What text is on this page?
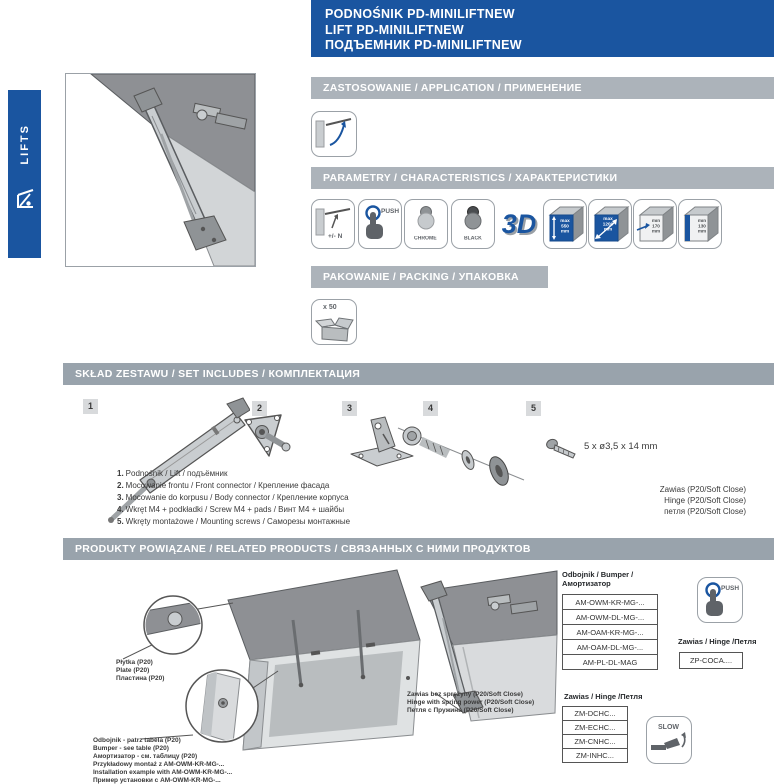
LIFTS
PODNOŚNIK PD-MINILIFTNEW
LIFT PD-MINILIFTNEW
ПОДЪЕМНИК PD-MINILIFTNEW
ZASTOSOWANIE / APPLICATION / ПРИМЕНЕНИЕ
PARAMETRY / CHARACTERISTICS / ХАРАКТЕРИСТИКИ
+/- N
PUSH
CHROME	BLACK 3D	max
550 mm
max
1200 mm
min
170 mm
min
130 mm
PAKOWANIE / PACKING / УПАКОВКА
x 50
SKŁAD ZESTAWU / SET INCLUDES / КОМПЛЕКТАЦИЯ
1	2	3	4	5
5 x ø3,5 x 14 mm
1. Podnośnik / Lift / подъёмник
2. Mocowanie frontu / Front connector / Крепление фасада
3. Mocowanie do korpusu / Body connector / Крепление корпуса
4. Wkręt M4 + podkładki / Screw M4 + pads / Винт M4 + шайбы
5. Wkręty montażowe / Mounting screws / Саморезы монтажные
Zawias (P20/Soft Close)
Hinge (P20/Soft Close)
петля (P20/Soft Close)
PRODUKTY POWIĄZANE / RELATED PRODUCTS / СВЯЗАННЫХ С НИМИ ПРОДУКТОВ
Płytka (P20)
Plate (P20)
Пластина (P20)
Odbojnik - patrz tabela (P20)
Bumper - see table (P20)
Амортизатор - см. таблицу (P20)
Przykładowy montaż z AM-OWM-KR-MG-...
Installation example with AM-OWM-KR-MG-...
Пример установки с AM-OWM-KR-MG-...
Zawias bez sprężyny (P20/Soft Close)
Hinge with spring power (P20/Soft Close)
Петля с Пружина (P20/Soft Close)
Odbojnik / Bumper /
Амортизатор
AM-OWM-KR-MG-...
AM-OWM-DL-MG-...
AM-OAM-KR-MG-...
AM-OAM-DL-MG-...
AM-PL-DL-MAG
PUSH
Zawias / Hinge /Петля
ZP-COCA....
Zawias / Hinge /Петля
ZM-DCHC...
ZM-ECHC...
ZM-CNHC...
ZM-INHC...
SLOW
